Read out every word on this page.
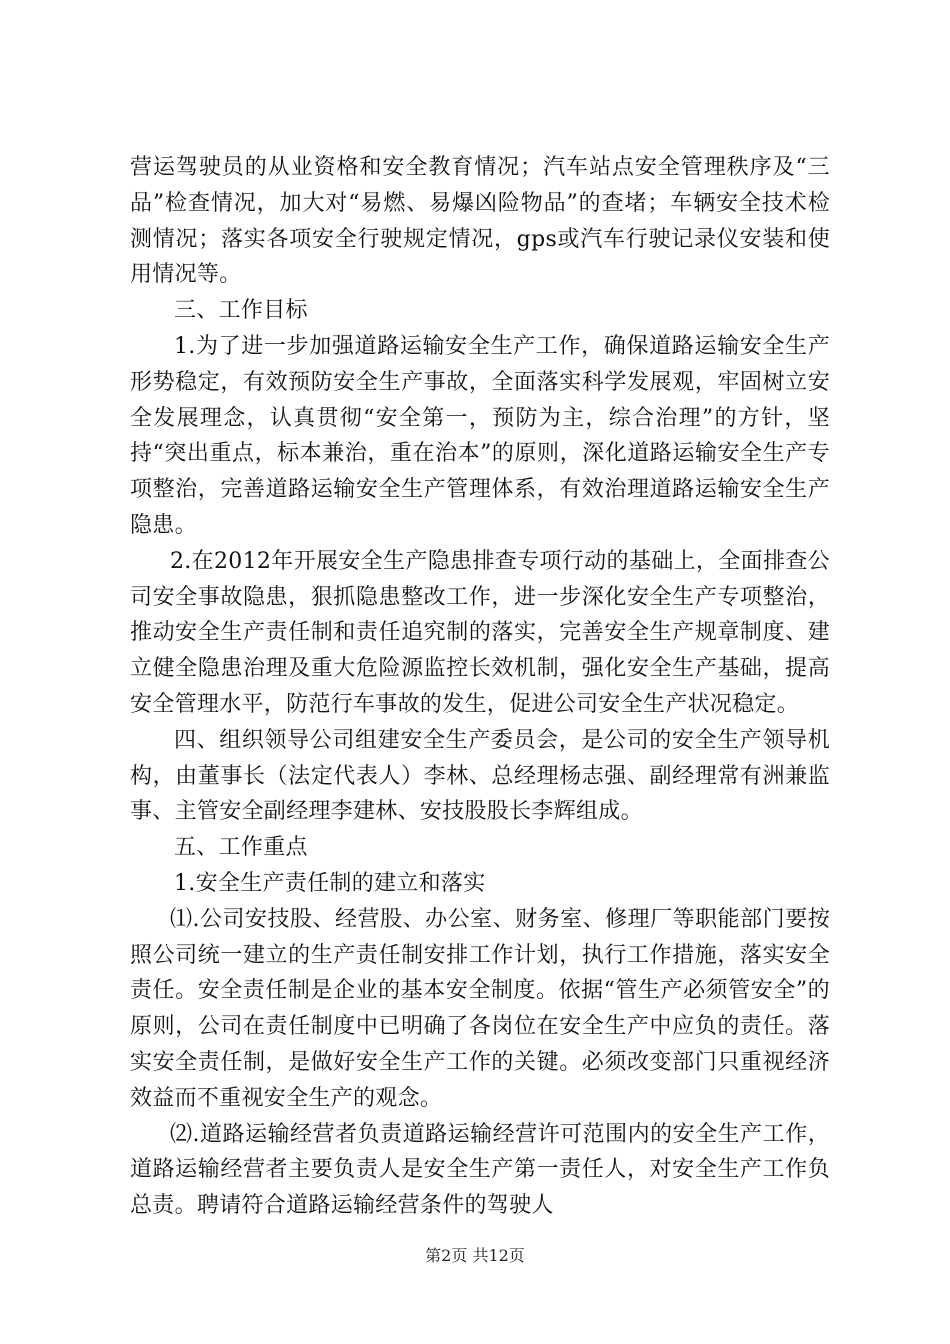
营运驾驶员的从业资格和安全教育情况；汽车站点安全管理秩序及“三品”检查情况，加大对“易燃、易爆凶险物品”的查堵；车辆安全技术检测情况；落实各项安全行驶规定情况，gps或汽车行驶记录仪安装和使用情况等。

三、工作目标

1.为了进一步加强道路运输安全生产工作，确保道路运输安全生产形势稳定，有效预防安全生产事故，全面落实科学发展观，牢固树立安全发展理念，认真贯彻“安全第一，预防为主，综合治理”的方针，坚持“突出重点，标本兼治，重在治本”的原则，深化道路运输安全生产专项整治，完善道路运输安全生产管理体系，有效治理道路运输安全生产隐患。

2.在2012年开展安全生产隐患排查专项行动的基础上，全面排查公司安全事故隐患，狠抓隐患整改工作，进一步深化安全生产专项整治，推动安全生产责任制和责任追究制的落实，完善安全生产规章制度、建立健全隐患治理及重大危险源监控长效机制，强化安全生产基础，提高安全管理水平，防范行车事故的发生，促进公司安全生产状况稳定。

四、组织领导公司组建安全生产委员会，是公司的安全生产领导机构，由董事长（法定代表人）李林、总经理杨志强、副经理常有洲兼监事、主管安全副经理李建林、安技股股长李辉组成。

五、工作重点

1.安全生产责任制的建立和落实

⑴.公司安技股、经营股、办公室、财务室、修理厂等职能部门要按照公司统一建立的生产责任制安排工作计划，执行工作措施，落实安全责任。安全责任制是企业的基本安全制度。依据“管生产必须管安全”的原则，公司在责任制度中已明确了各岗位在安全生产中应负的责任。落实安全责任制，是做好安全生产工作的关键。必须改变部门只重视经济效益而不重视安全生产的观念。

⑵.道路运输经营者负责道路运输经营许可范围内的安全生产工作，道路运输经营者主要负责人是安全生产第一责任人，对安全生产工作负总责。聘请符合道路运输经营条件的驾驶人

第2页 共12页
